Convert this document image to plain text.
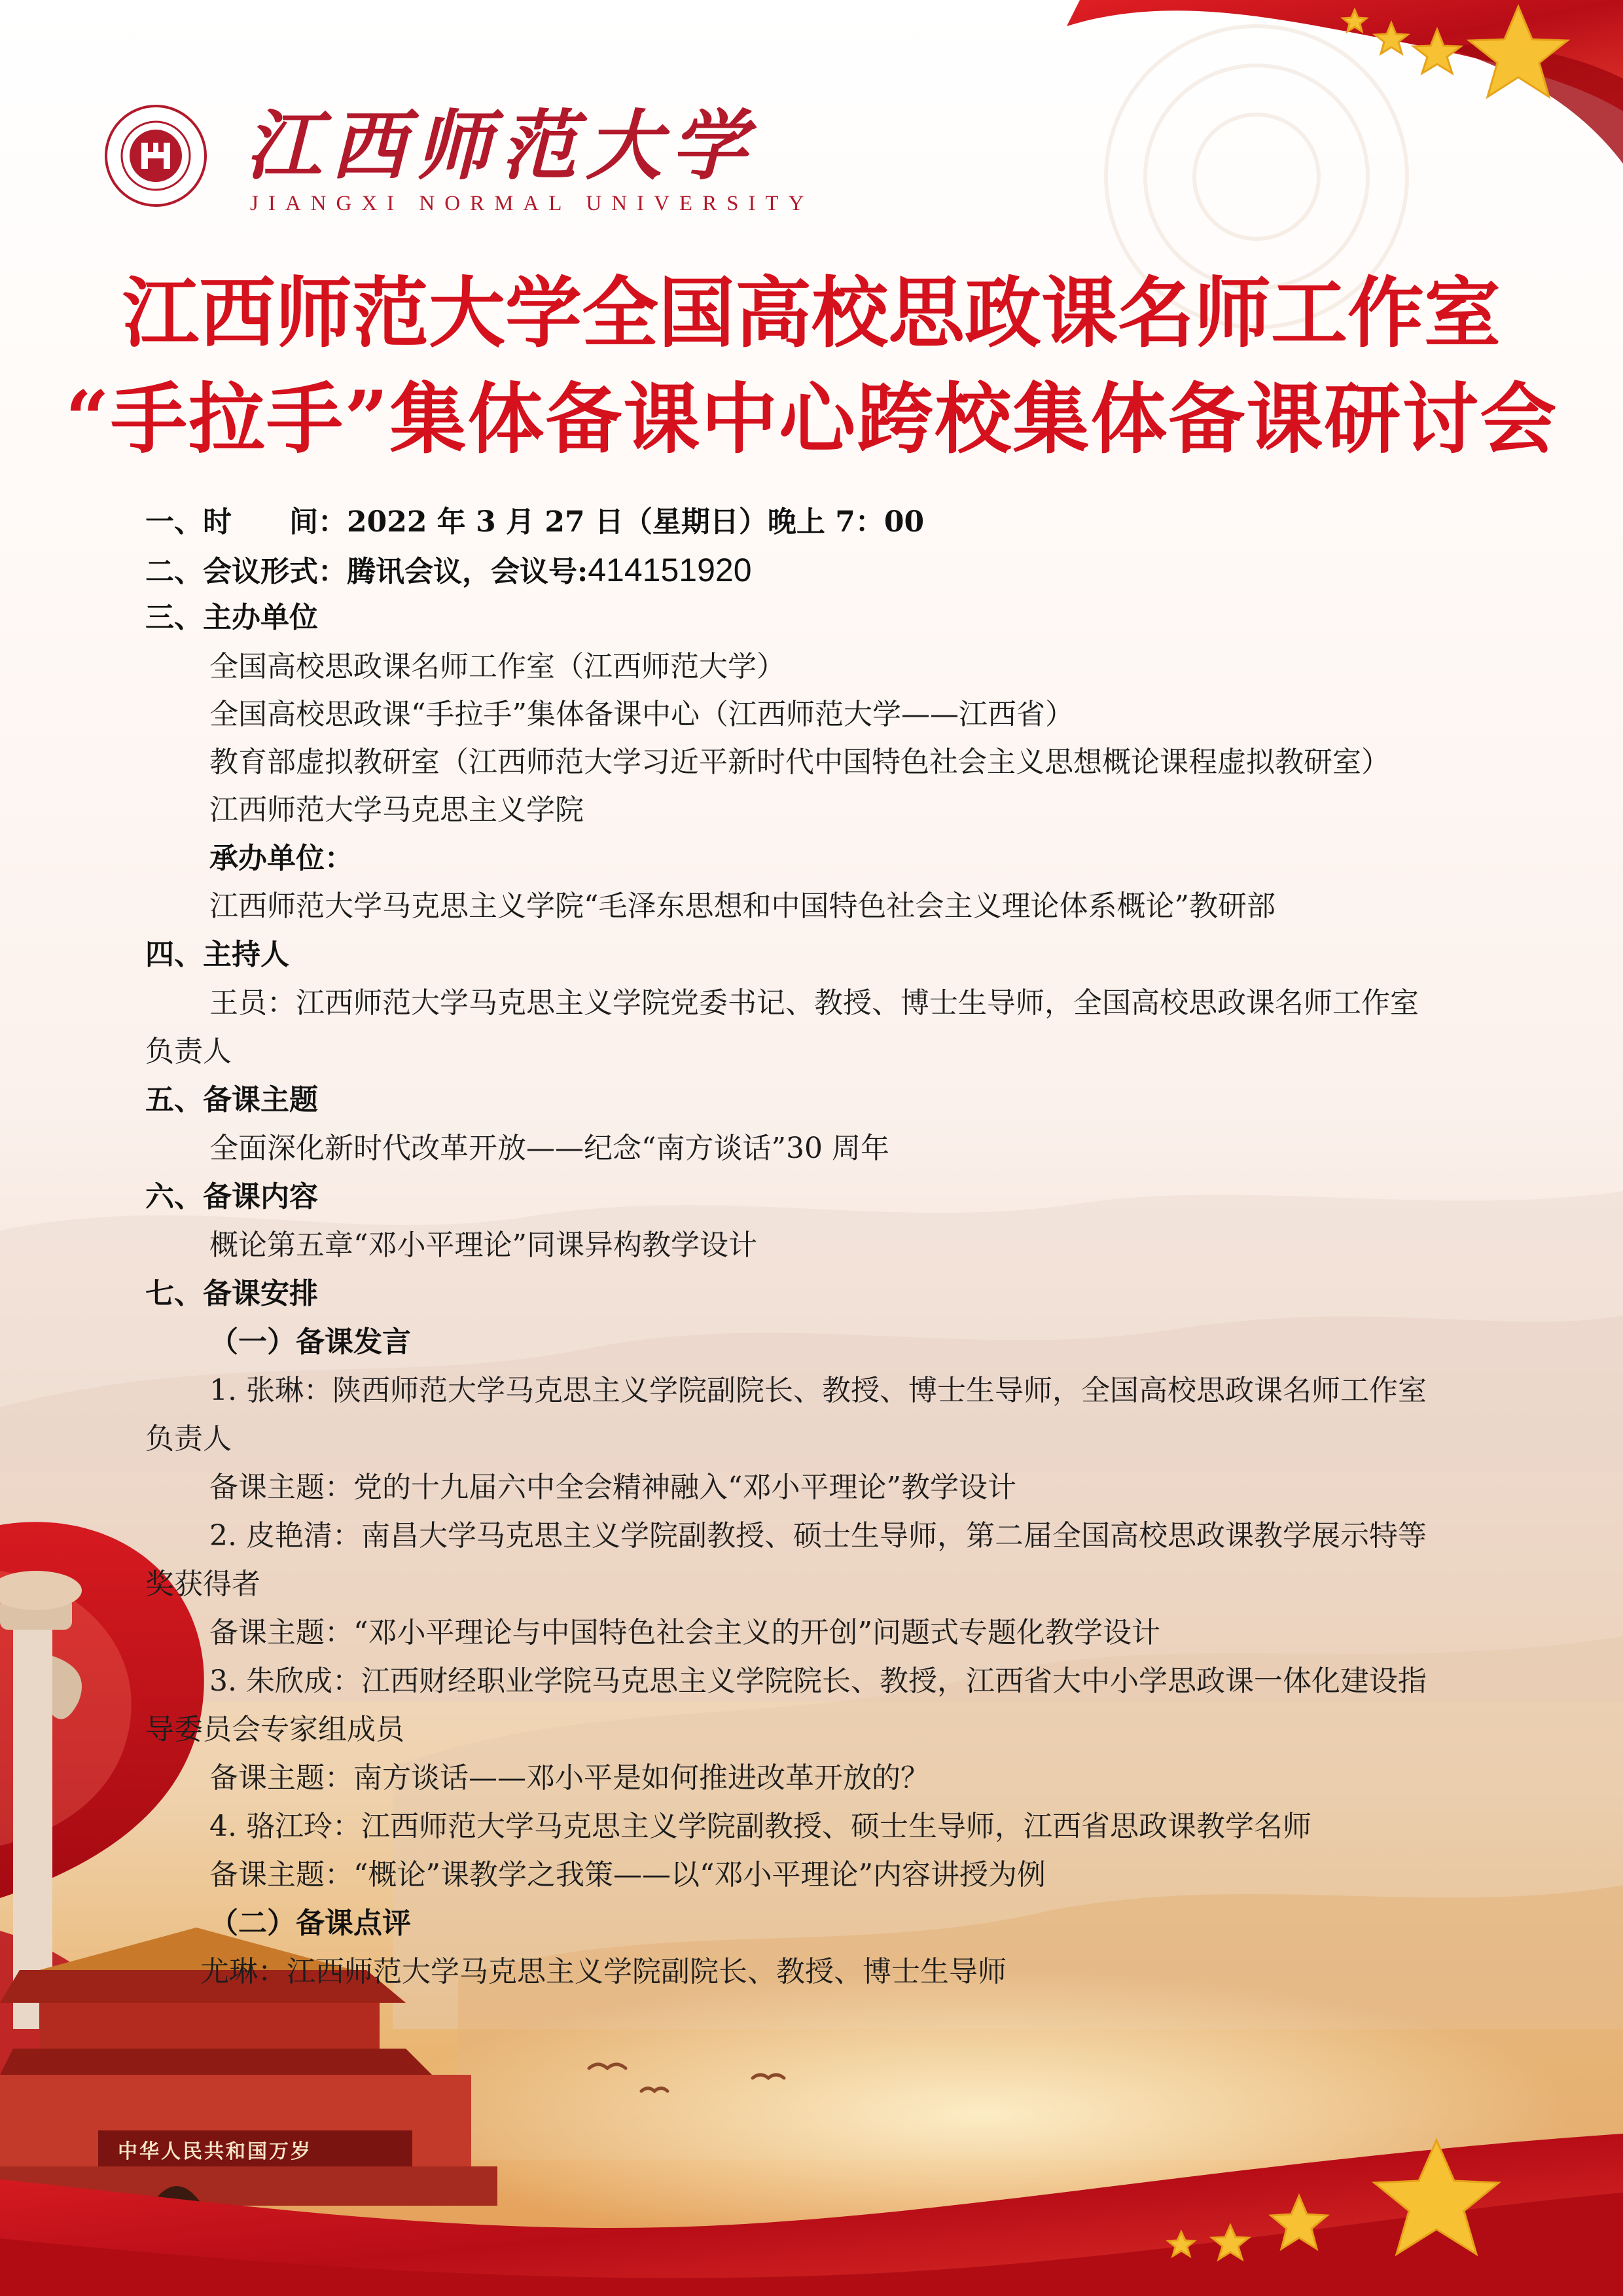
中华人民共和国万岁
江西师范大学
JIANGXI NORMAL UNIVERSITY
江西师范大学全国高校思政课名师工作室
“手拉手”集体备课中心跨校集体备课研讨会
一、时　　间：2022 年 3 月 27 日（星期日）晚上 7：00
二、会议形式：腾讯会议，会议号:414151920
三、主办单位
全国高校思政课名师工作室（江西师范大学）
全国高校思政课“手拉手”集体备课中心（江西师范大学——江西省）
教育部虚拟教研室（江西师范大学习近平新时代中国特色社会主义思想概论课程虚拟教研室）
江西师范大学马克思主义学院
承办单位：
江西师范大学马克思主义学院“毛泽东思想和中国特色社会主义理论体系概论”教研部
四、主持人
王员：江西师范大学马克思主义学院党委书记、教授、博士生导师，全国高校思政课名师工作室
负责人
五、备课主题
全面深化新时代改革开放——纪念“南方谈话”30 周年
六、备课内容
概论第五章“邓小平理论”同课异构教学设计
七、备课安排
（一）备课发言
1. 张琳：陕西师范大学马克思主义学院副院长、教授、博士生导师，全国高校思政课名师工作室
负责人
备课主题：党的十九届六中全会精神融入“邓小平理论”教学设计
2. 皮艳清：南昌大学马克思主义学院副教授、硕士生导师，第二届全国高校思政课教学展示特等
奖获得者
备课主题：“邓小平理论与中国特色社会主义的开创”问题式专题化教学设计
3. 朱欣成：江西财经职业学院马克思主义学院院长、教授，江西省大中小学思政课一体化建设指
导委员会专家组成员
备课主题：南方谈话——邓小平是如何推进改革开放的？
4. 骆江玲：江西师范大学马克思主义学院副教授、硕士生导师，江西省思政课教学名师
备课主题：“概论”课教学之我策——以“邓小平理论”内容讲授为例
（二）备课点评
尤琳：江西师范大学马克思主义学院副院长、教授、博士生导师
